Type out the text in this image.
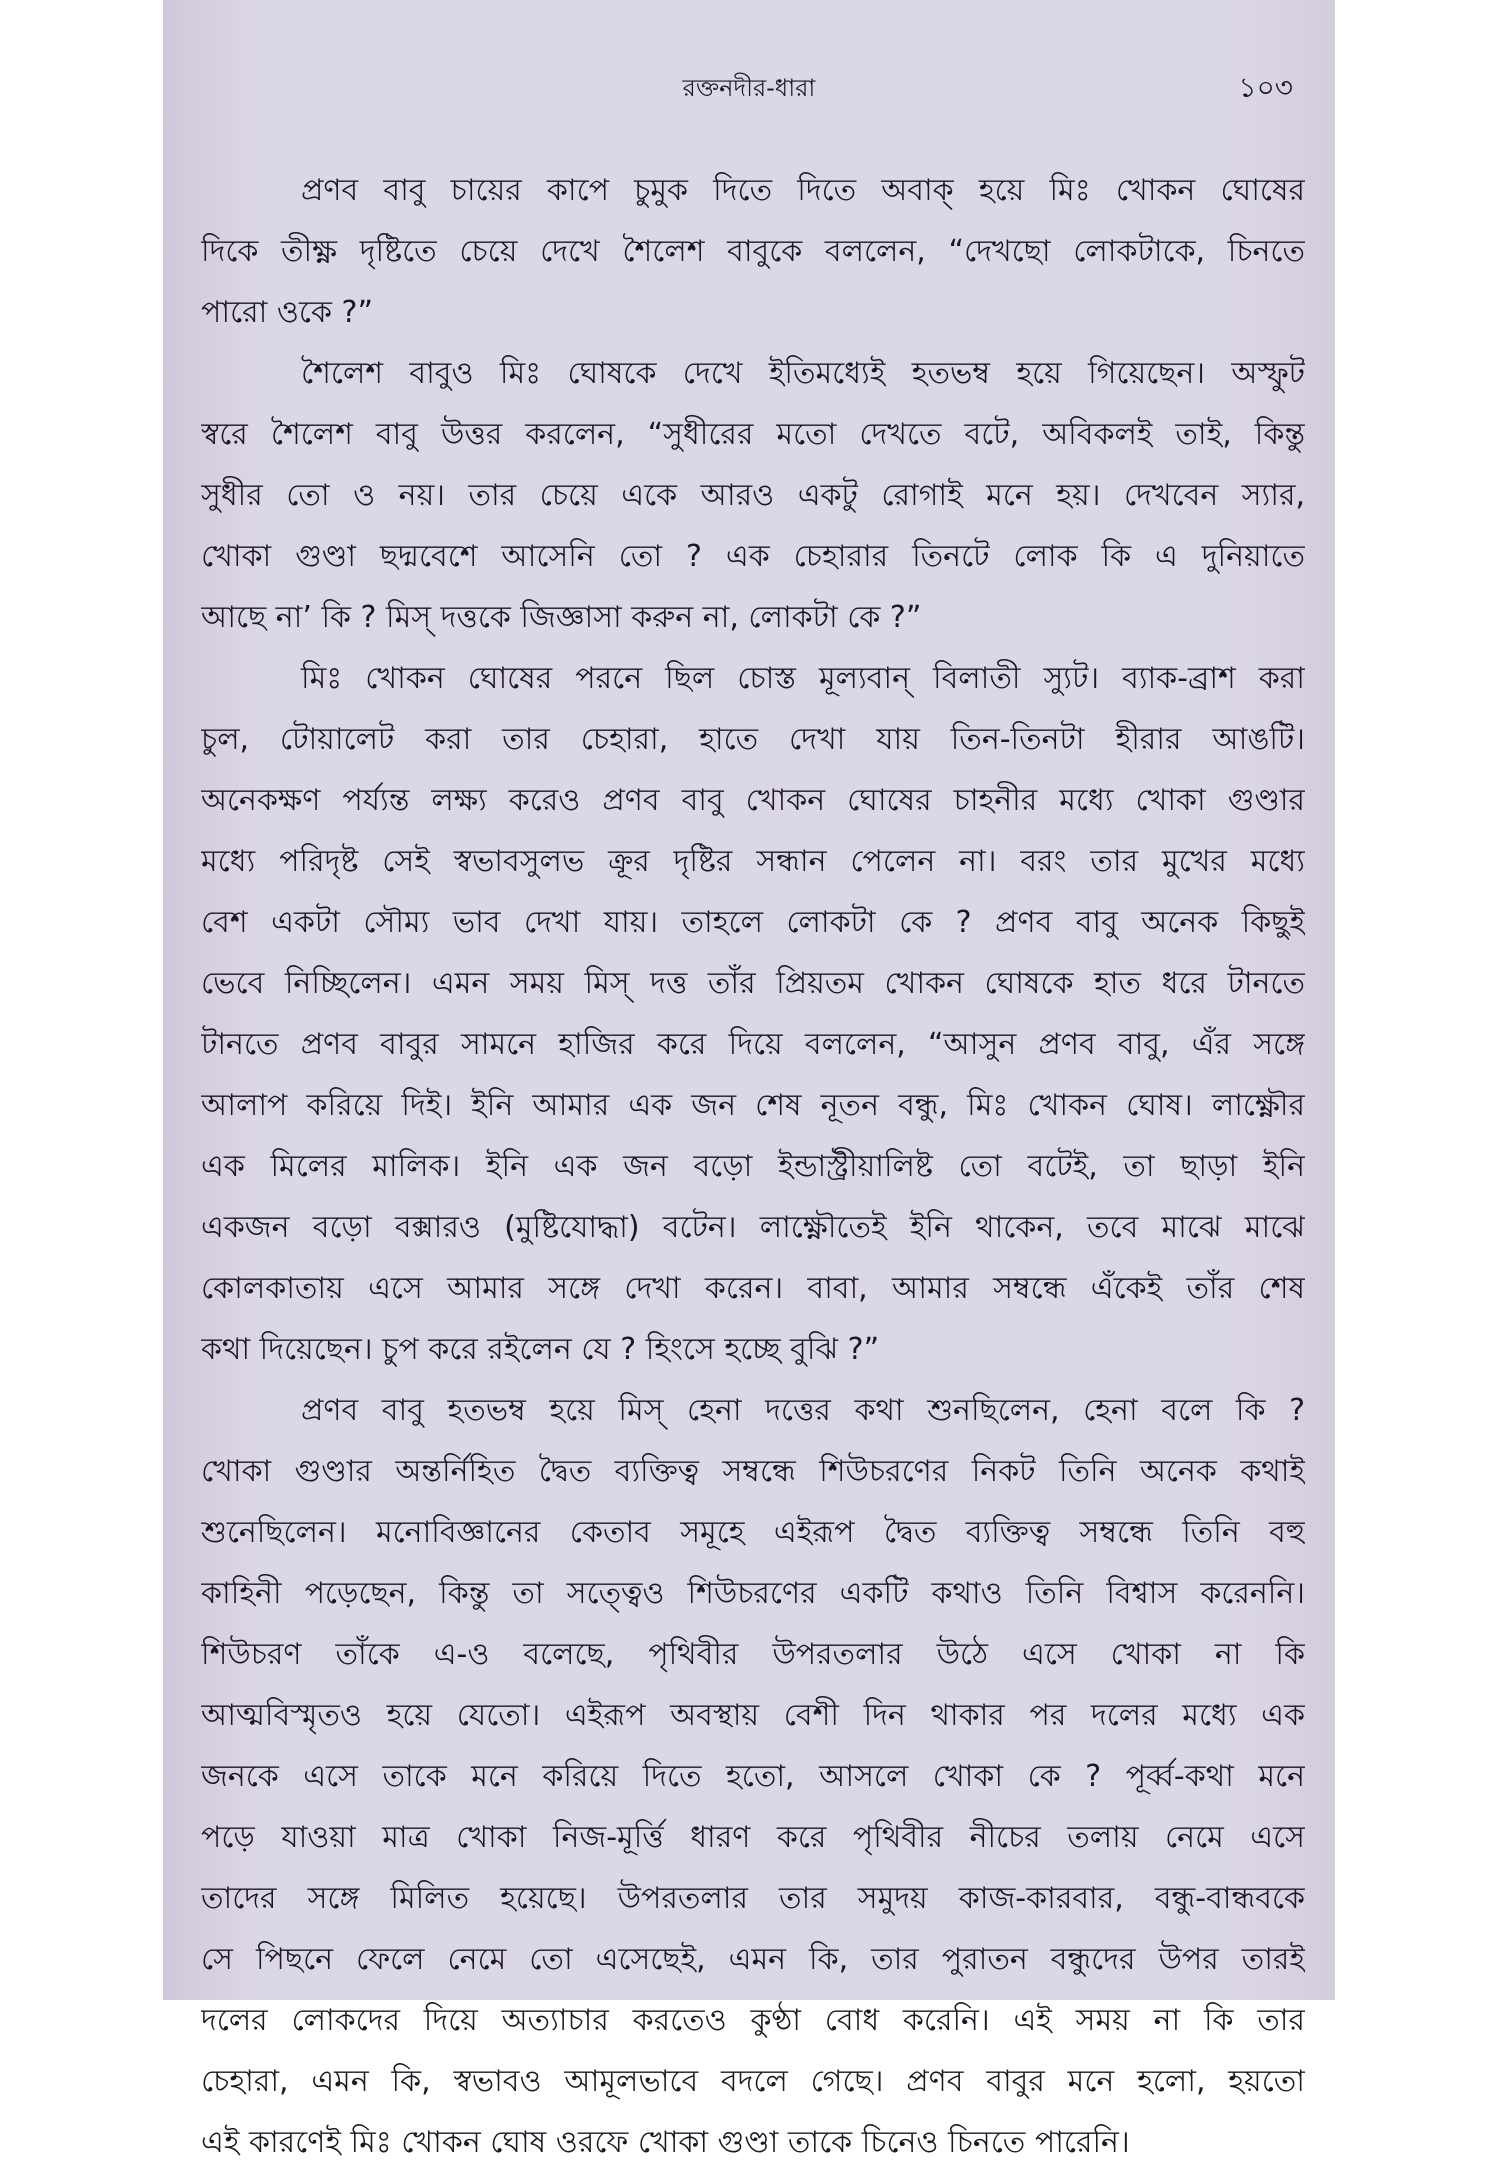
রক্তনদীর-ধারা	১০৩
প্রণব বাবু চায়ের কাপে চুমুক দিতে দিতে অবাক্ হয়ে মিঃ খোকন ঘোষের
দিকে তীক্ষ্ণ দৃষ্টিতে চেয়ে দেখে শৈলেশ বাবুকে বললেন, “দেখছো লোকটাকে, চিনতে
পারো ওকে ?”
শৈলেশ বাবুও মিঃ ঘোষকে দেখে ইতিমধ্যেই হতভম্ব হয়ে গিয়েছেন। অস্ফুট
স্বরে শৈলেশ বাবু উত্তর করলেন, “সুধীরের মতো দেখতে বটে, অবিকলই তাই, কিন্তু
সুধীর তো ও নয়। তার চেয়ে একে আরও একটু রোগাই মনে হয়। দেখবেন স্যার,
খোকা গুণ্ডা ছদ্মবেশে আসেনি তো ? এক চেহারার তিনটে লোক কি এ দুনিয়াতে
আছে না’ কি ? মিস্ দত্তকে জিজ্ঞাসা করুন না, লোকটা কে ?”
মিঃ খোকন ঘোষের পরনে ছিল চোস্ত মূল্যবান্ বিলাতী স্যুট। ব্যাক-ব্রাশ করা
চুল, টোয়ালেট করা তার চেহারা, হাতে দেখা যায় তিন-তিনটা হীরার আঙটি।
অনেকক্ষণ পর্য্যন্ত লক্ষ্য করেও প্রণব বাবু খোকন ঘোষের চাহনীর মধ্যে খোকা গুণ্ডার
মধ্যে পরিদৃষ্ট সেই স্বভাবসুলভ ক্রূর দৃষ্টির সন্ধান পেলেন না। বরং তার মুখের মধ্যে
বেশ একটা সৌম্য ভাব দেখা যায়। তাহলে লোকটা কে ? প্রণব বাবু অনেক কিছুই
ভেবে নিচ্ছিলেন। এমন সময় মিস্ দত্ত তাঁর প্রিয়তম খোকন ঘোষকে হাত ধরে টানতে
টানতে প্রণব বাবুর সামনে হাজির করে দিয়ে বললেন, “আসুন প্রণব বাবু, এঁর সঙ্গে
আলাপ করিয়ে দিই। ইনি আমার এক জন শেষ নূতন বন্ধু, মিঃ খোকন ঘোষ। লাক্ষ্ণৌর
এক মিলের মালিক। ইনি এক জন বড়ো ইন্ডাস্ট্রীয়ালিষ্ট তো বটেই, তা ছাড়া ইনি
একজন বড়ো বক্সারও (মুষ্টিযোদ্ধা) বটেন। লাক্ষ্ণৌতেই ইনি থাকেন, তবে মাঝে মাঝে
কোলকাতায় এসে আমার সঙ্গে দেখা করেন। বাবা, আমার সম্বন্ধে এঁকেই তাঁর শেষ
কথা দিয়েছেন। চুপ করে রইলেন যে ? হিংসে হচ্ছে বুঝি ?”
প্রণব বাবু হতভম্ব হয়ে মিস্ হেনা দত্তের কথা শুনছিলেন, হেনা বলে কি ?
খোকা গুণ্ডার অন্তর্নিহিত দ্বৈত ব্যক্তিত্ব সম্বন্ধে শিউচরণের নিকট তিনি অনেক কথাই
শুনেছিলেন। মনোবিজ্ঞানের কেতাব সমূহে এইরূপ দ্বৈত ব্যক্তিত্ব সম্বন্ধে তিনি বহু
কাহিনী পড়েছেন, কিন্তু তা সত্ত্বেও শিউচরণের একটি কথাও তিনি বিশ্বাস করেননি।
শিউচরণ তাঁকে এ-ও বলেছে, পৃথিবীর উপরতলার উঠে এসে খোকা না কি
আত্মবিস্মৃতও হয়ে যেতো। এইরূপ অবস্থায় বেশী দিন থাকার পর দলের মধ্যে এক
জনকে এসে তাকে মনে করিয়ে দিতে হতো, আসলে খোকা কে ? পূর্ব্ব-কথা মনে
পড়ে যাওয়া মাত্র খোকা নিজ-মূর্ত্তি ধারণ করে পৃথিবীর নীচের তলায় নেমে এসে
তাদের সঙ্গে মিলিত হয়েছে। উপরতলার তার সমুদয় কাজ-কারবার, বন্ধু-বান্ধবকে
সে পিছনে ফেলে নেমে তো এসেছেই, এমন কি, তার পুরাতন বন্ধুদের উপর তারই
দলের লোকদের দিয়ে অত্যাচার করতেও কুণ্ঠা বোধ করেনি। এই সময় না কি তার
চেহারা, এমন কি, স্বভাবও আমূলভাবে বদলে গেছে। প্রণব বাবুর মনে হলো, হয়তো
এই কারণেই মিঃ খোকন ঘোষ ওরফে খোকা গুণ্ডা তাকে চিনেও চিনতে পারেনি।
